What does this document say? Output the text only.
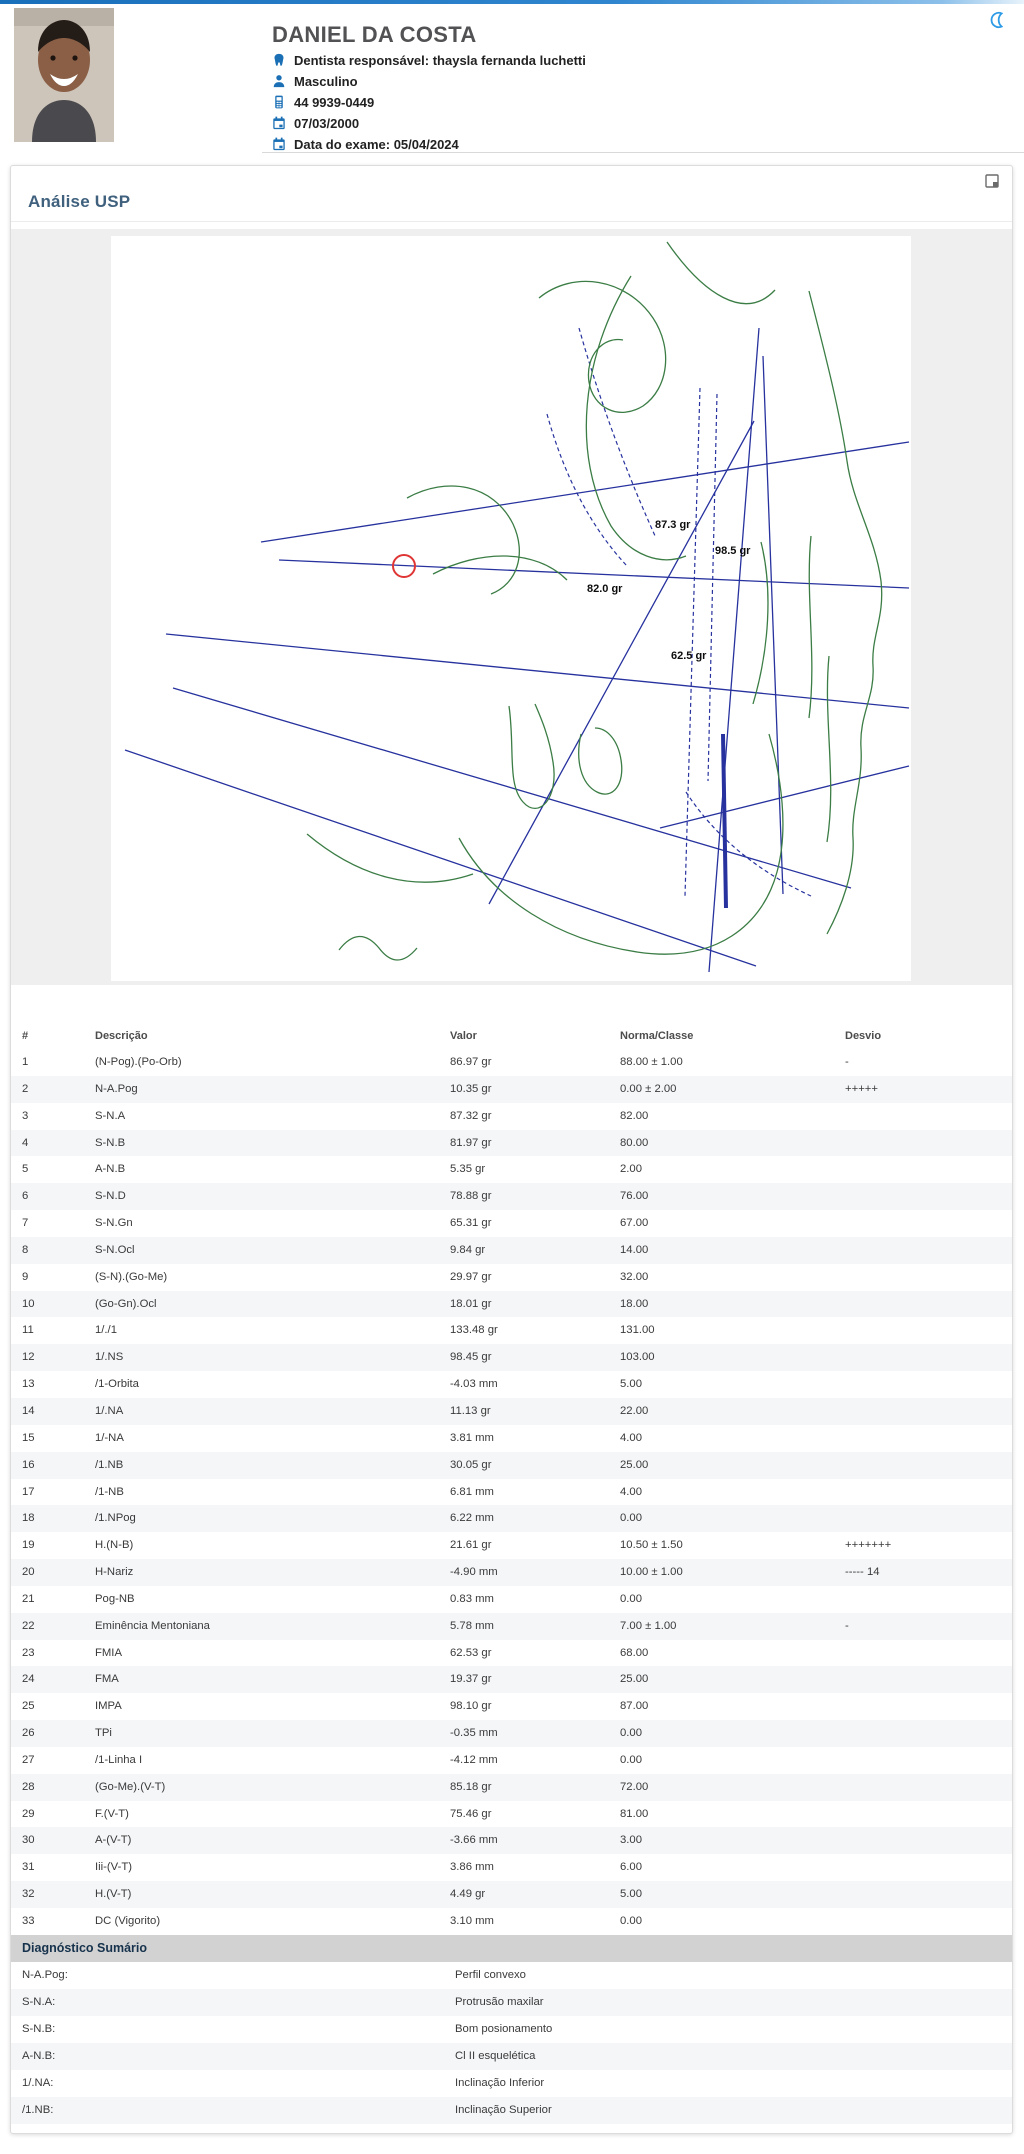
DANIEL DA COSTA
Dentista responsável: thaysla fernanda luchetti
Masculino
44 9939-0449
07/03/2000
Data do exame: 05/04/2024
Análise USP
87.3 gr
98.5 gr
82.0 gr
62.5 gr
#	Descrição	Valor	Norma/Classe	Desvio
1	(N-Pog).(Po-Orb)	86.97 gr	88.00 ± 1.00	-
2	N-A.Pog	10.35 gr	0.00 ± 2.00	+++++
3	S-N.A	87.32 gr	82.00
4	S-N.B	81.97 gr	80.00
5	A-N.B	5.35 gr	2.00
6	S-N.D	78.88 gr	76.00
7	S-N.Gn	65.31 gr	67.00
8	S-N.Ocl	9.84 gr	14.00
9	(S-N).(Go-Me)	29.97 gr	32.00
10	(Go-Gn).Ocl	18.01 gr	18.00
11	1/./1	133.48 gr	131.00
12	1/.NS	98.45 gr	103.00
13	/1-Orbita	-4.03 mm	5.00
14	1/.NA	11.13 gr	22.00
15	1/-NA	3.81 mm	4.00
16	/1.NB	30.05 gr	25.00
17	/1-NB	6.81 mm	4.00
18	/1.NPog	6.22 mm	0.00
19	H.(N-B)	21.61 gr	10.50 ± 1.50	+++++++
20	H-Nariz	-4.90 mm	10.00 ± 1.00	----- 14
21	Pog-NB	0.83 mm	0.00
22	Eminência Mentoniana	5.78 mm	7.00 ± 1.00	-
23	FMIA	62.53 gr	68.00
24	FMA	19.37 gr	25.00
25	IMPA	98.10 gr	87.00
26	TPi	-0.35 mm	0.00
27	/1-Linha I	-4.12 mm	0.00
28	(Go-Me).(V-T)	85.18 gr	72.00
29	F.(V-T)	75.46 gr	81.00
30	A-(V-T)	-3.66 mm	3.00
31	Iii-(V-T)	3.86 mm	6.00
32	H.(V-T)	4.49 gr	5.00
33	DC (Vigorito)	3.10 mm	0.00
Diagnóstico Sumário
N-A.Pog:	Perfil convexo
S-N.A:	Protrusão maxilar
S-N.B:	Bom posionamento
A-N.B:	Cl II esquelética
1/.NA:	Inclinação Inferior
/1.NB:	Inclinação Superior
